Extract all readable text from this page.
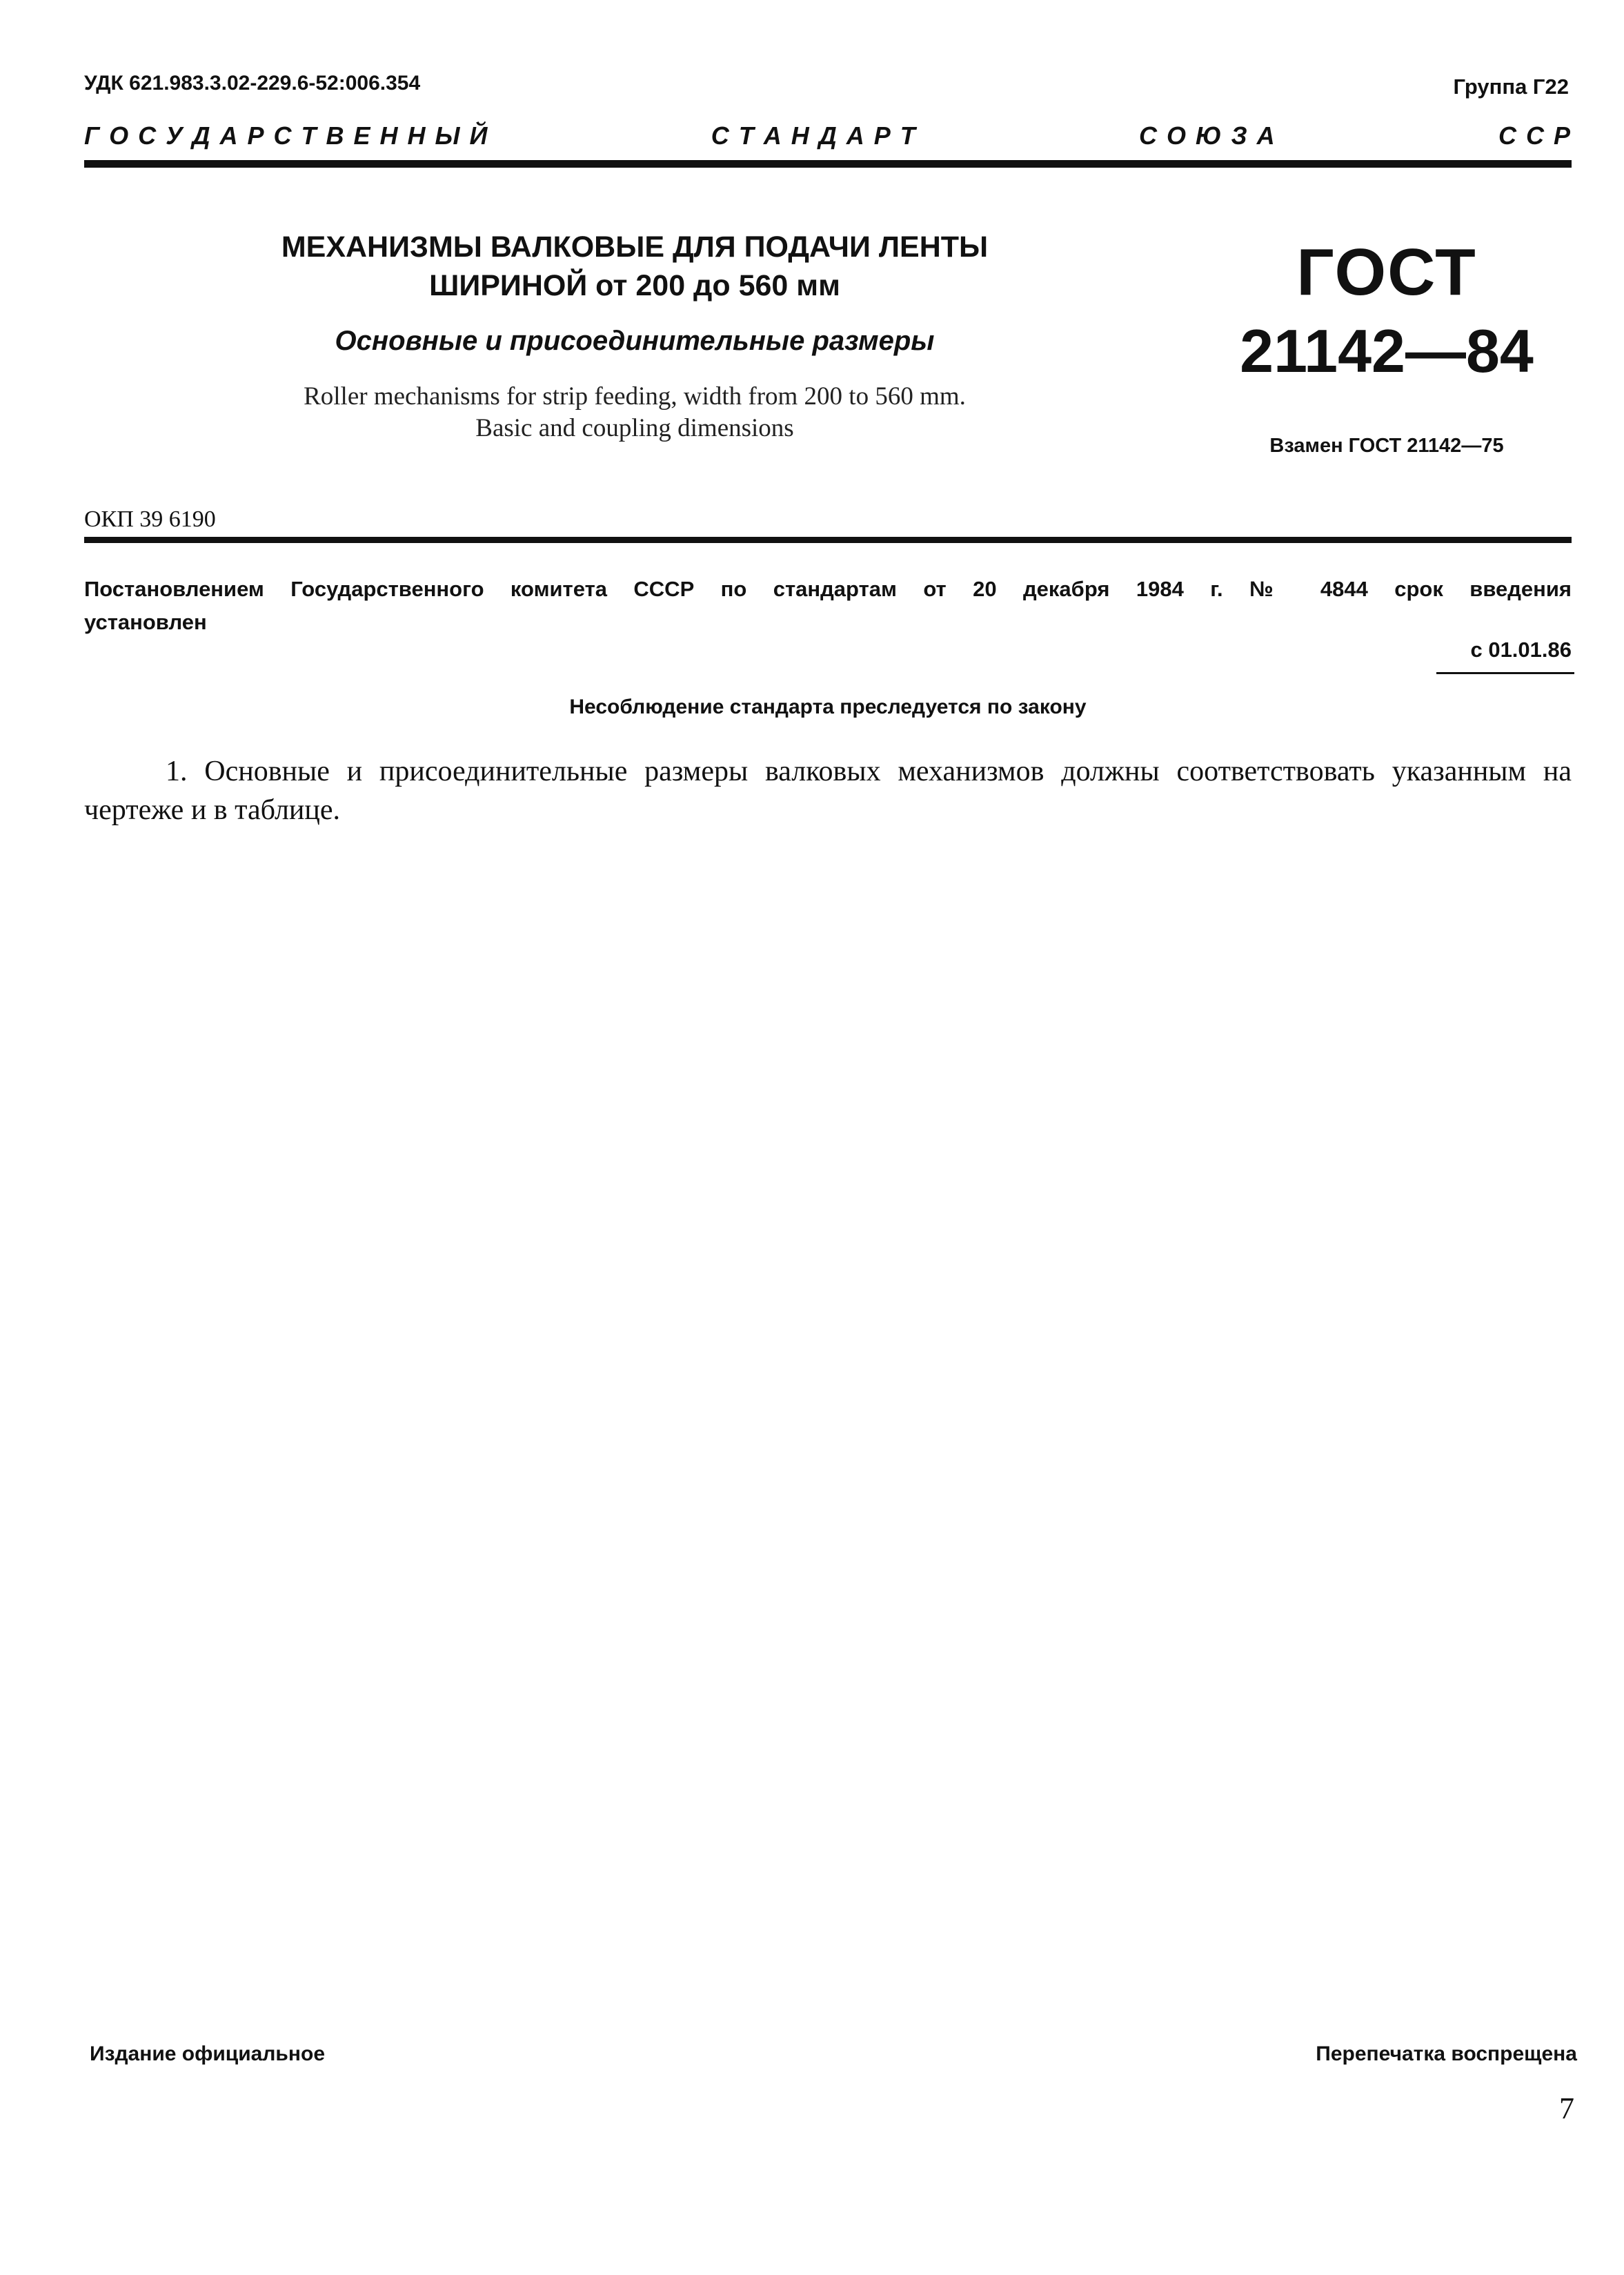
УДК 621.983.3.02-229.6-52:006.354	Группа Г22
Г О С У Д А Р С Т В Е Н Н Ы Й	С Т А Н Д А Р Т	С О Ю З А	С С Р
МЕХАНИЗМЫ ВАЛКОВЫЕ ДЛЯ ПОДАЧИ ЛЕНТЫ
ШИРИНОЙ от 200 до 560 мм
Основные и присоединительные размеры
Roller mechanisms for strip feeding, width from 200 to 560 mm.
Basic and coupling dimensions
ГОСТ
21142—84
Взамен ГОСТ 21142—75
ОКП 39 6190
Постановлением Государственного комитета СССР по стандартам от 20 декабря 1984 г. № 4844 срок введения
установлен
с 01.01.86
Несоблюдение стандарта преследуется по закону
1. Основные и присоединительные размеры валковых механизмов должны соответствовать указанным на чертеже и в таблице.
Издание официальное	Перепечатка воспрещена
7
